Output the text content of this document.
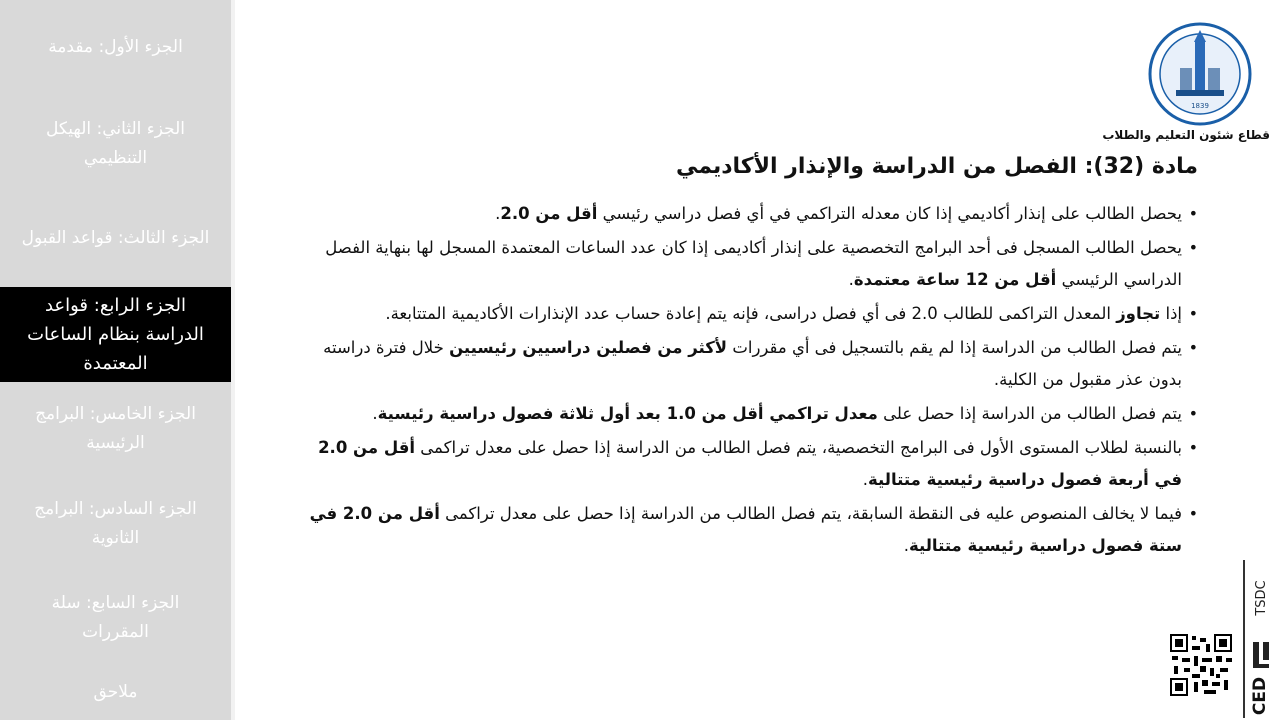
الجزء الأول: مقدمة
الجزء الثاني: الهيكل التنظيمي
الجزء الثالث: قواعد القبول
الجزء الرابع: قواعد الدراسة بنظام الساعات المعتمدة
الجزء الخامس: البرامج الرئيسية
الجزء السادس: البرامج الثانوية
الجزء السابع: سلة المقررات
ملاحق
1839
قطاع شئون التعليم والطلاب
مادة (32): الفصل من الدراسة والإنذار الأكاديمي
• يحصل الطالب على إنذار أكاديمي إذا كان معدله التراكمي في أي فصل دراسي رئيسي أقل من 2.0.
• يحصل الطالب المسجل فى أحد البرامج التخصصية على إنذار أكاديمى إذا كان عدد الساعات المعتمدة المسجل لها بنهاية الفصل الدراسي الرئيسي أقل من 12 ساعة معتمدة.
• إذا تجاوز المعدل التراكمى للطالب 2.0 فى أي فصل دراسى، فإنه يتم إعادة حساب عدد الإنذارات الأكاديمية المتتابعة.
• يتم فصل الطالب من الدراسة إذا لم يقم بالتسجيل فى أي مقررات لأكثر من فصلين دراسيين رئيسيين خلال فترة دراسته بدون عذر مقبول من الكلية.
• يتم فصل الطالب من الدراسة إذا حصل على معدل تراكمي أقل من 1.0 بعد أول ثلاثة فصول دراسية رئيسية.
• بالنسبة لطلاب المستوى الأول فى البرامج التخصصية، يتم فصل الطالب من الدراسة إذا حصل على معدل تراكمى أقل من 2.0 في أربعة فصول دراسية رئيسية متتالية.
• فيما لا يخالف المنصوص عليه فى النقطة السابقة، يتم فصل الطالب من الدراسة إذا حصل على معدل تراكمى أقل من 2.0 في ستة فصول دراسية رئيسية متتالية.
TSDC
CED
